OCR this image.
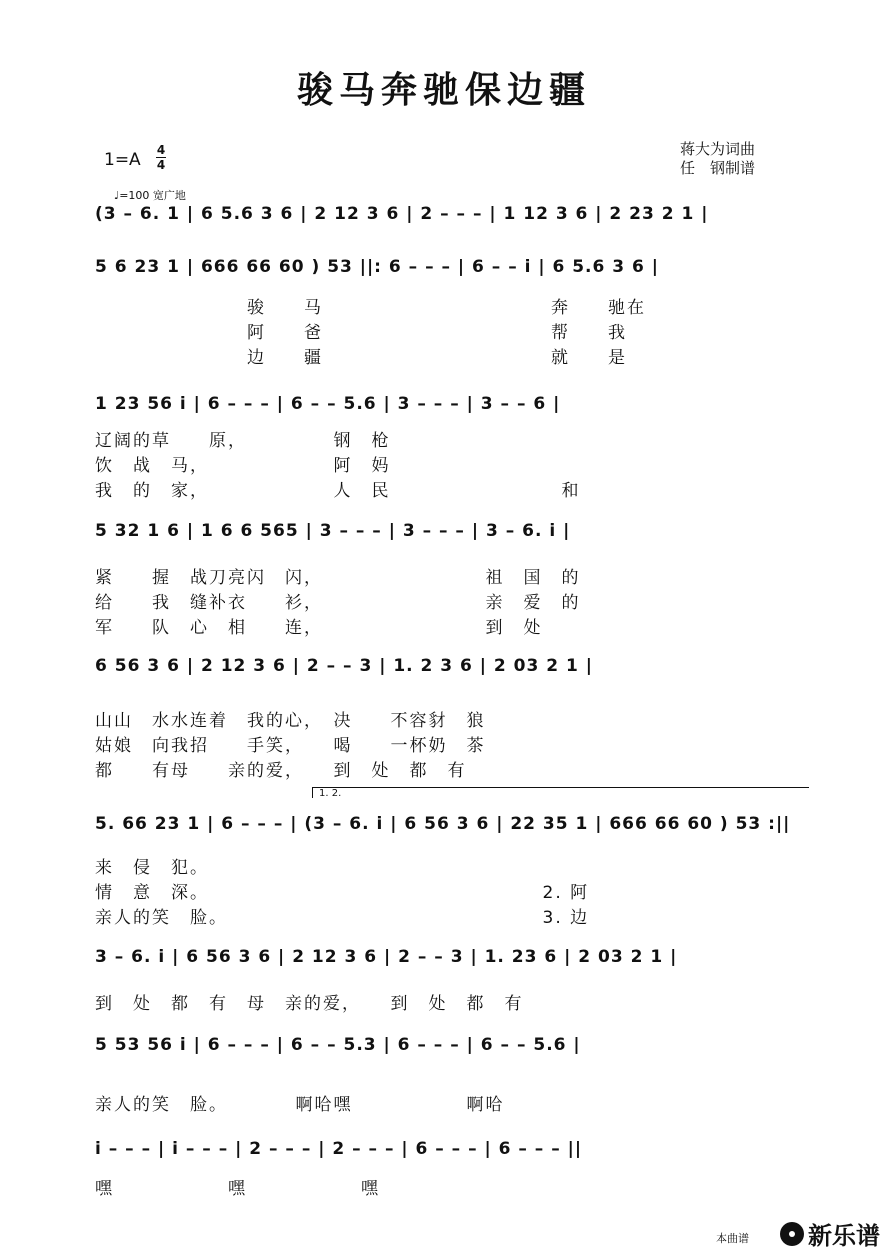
骏马奔驰保边疆
1=A 4
4
蒋大为词曲
任　钢制谱
♩=100 宽广地
(3 – 6. 1 | 6 5.6 3 6 | 2 12 3 6 | 2 – – – | 1 12 3 6 | 2 23 2 1 |
5 6 23 1 | 666 66 60 ) 53 ||: 6 – – – | 6 – – i | 6 5.6 3 6 |
1 23 56 i | 6 – – – | 6 – – 5.6 | 3 – – – | 3 – – 6 |
5 32 1 6 | 1 6 6 565 | 3 – – – | 3 – – – | 3 – 6. i |
6 56 3 6 | 2 12 3 6 | 2 – – 3 | 1. 2 3 6 | 2 03 2 1 |
1. 2.
5. 66 23 1 | 6 – – – | (3 – 6. i | 6 56 3 6 | 22 35 1 | 666 66 60 ) 53 :||
3 – 6. i | 6 56 3 6 | 2 12 3 6 | 2 – – 3 | 1. 23 6 | 2 03 2 1 |
5 53 56 i | 6 – – – | 6 – – 5.3 | 6 – – – | 6 – – 5.6 |
i – – – | i – – – | 2 – – – | 2 – – – | 6 – – – | 6 – – – ||
　　　　　　　　骏　　马　　　　　　　　　　　　奔　　驰在
　　　　　　　　阿　　爸　　　　　　　　　　　　帮　　我
　　　　　　　　边　　疆　　　　　　　　　　　　就　　是
辽阔的草　　原，　　　　　钢　枪
饮　战　马，　　　　　　　阿　妈
我　的　家，　　　　　　　人　民　　　　　　　　　和
紧　　握　战刀亮闪　闪，　　　　　　　　　祖　国　的
给　　我　缝补衣　　衫，　　　　　　　　　亲　爱　的
军　　队　心　相　　连，　　　　　　　　　到　处
山山　水水连着　我的心，　决　　不容豺　狼
姑娘　向我招　　手笑，　　喝　　一杯奶　茶
都　　有母　　亲的爱，　　到　处　都　有
来　侵　犯。
情　意　深。　　　　　　　　　　　　　　　　　　2. 阿
亲人的笑　脸。　　　　　　　　　　　　　　　　　3. 边
到　处　都　有　母　亲的爱，　　到　处　都　有
亲人的笑　脸。　　　　啊哈嘿　　　　　　啊哈
嘿　　　　　　嘿　　　　　　嘿
本曲谱 新乐谱
